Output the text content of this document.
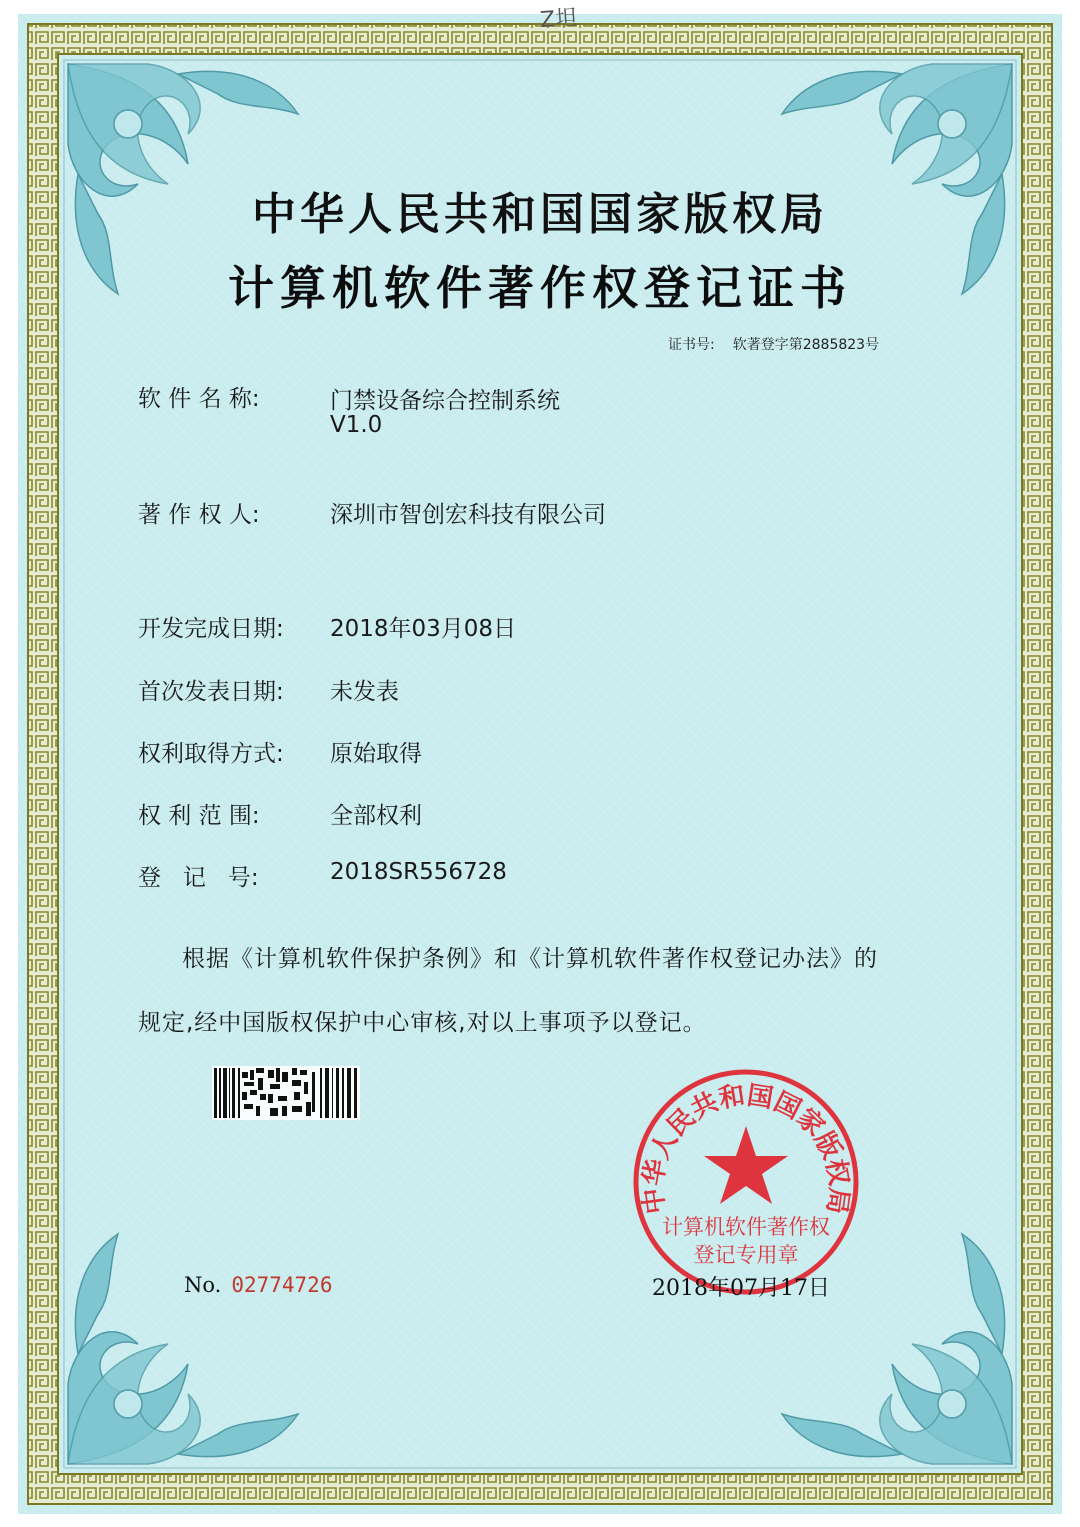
Z坦
中华人民共和国国家版权局
计算机软件著作权登记证书
证书号: 软著登字第2885823号
软 件 名 称:	门禁设备综合控制系统
V1.0
著 作 权 人:	深圳市智创宏科技有限公司
开发完成日期: 2018年03月08日
首次发表日期: 未发表
权利取得方式: 原始取得
权 利 范 围:	全部权利
登   记   号:	2018SR556728
根据《计算机软件保护条例》和《计算机软件著作权登记办法》的
规定,经中国版权保护中心审核,对以上事项予以登记。
中华人民共和国国家版权局
计算机软件著作权
登记专用章
No. 02774726	2018年07月17日
